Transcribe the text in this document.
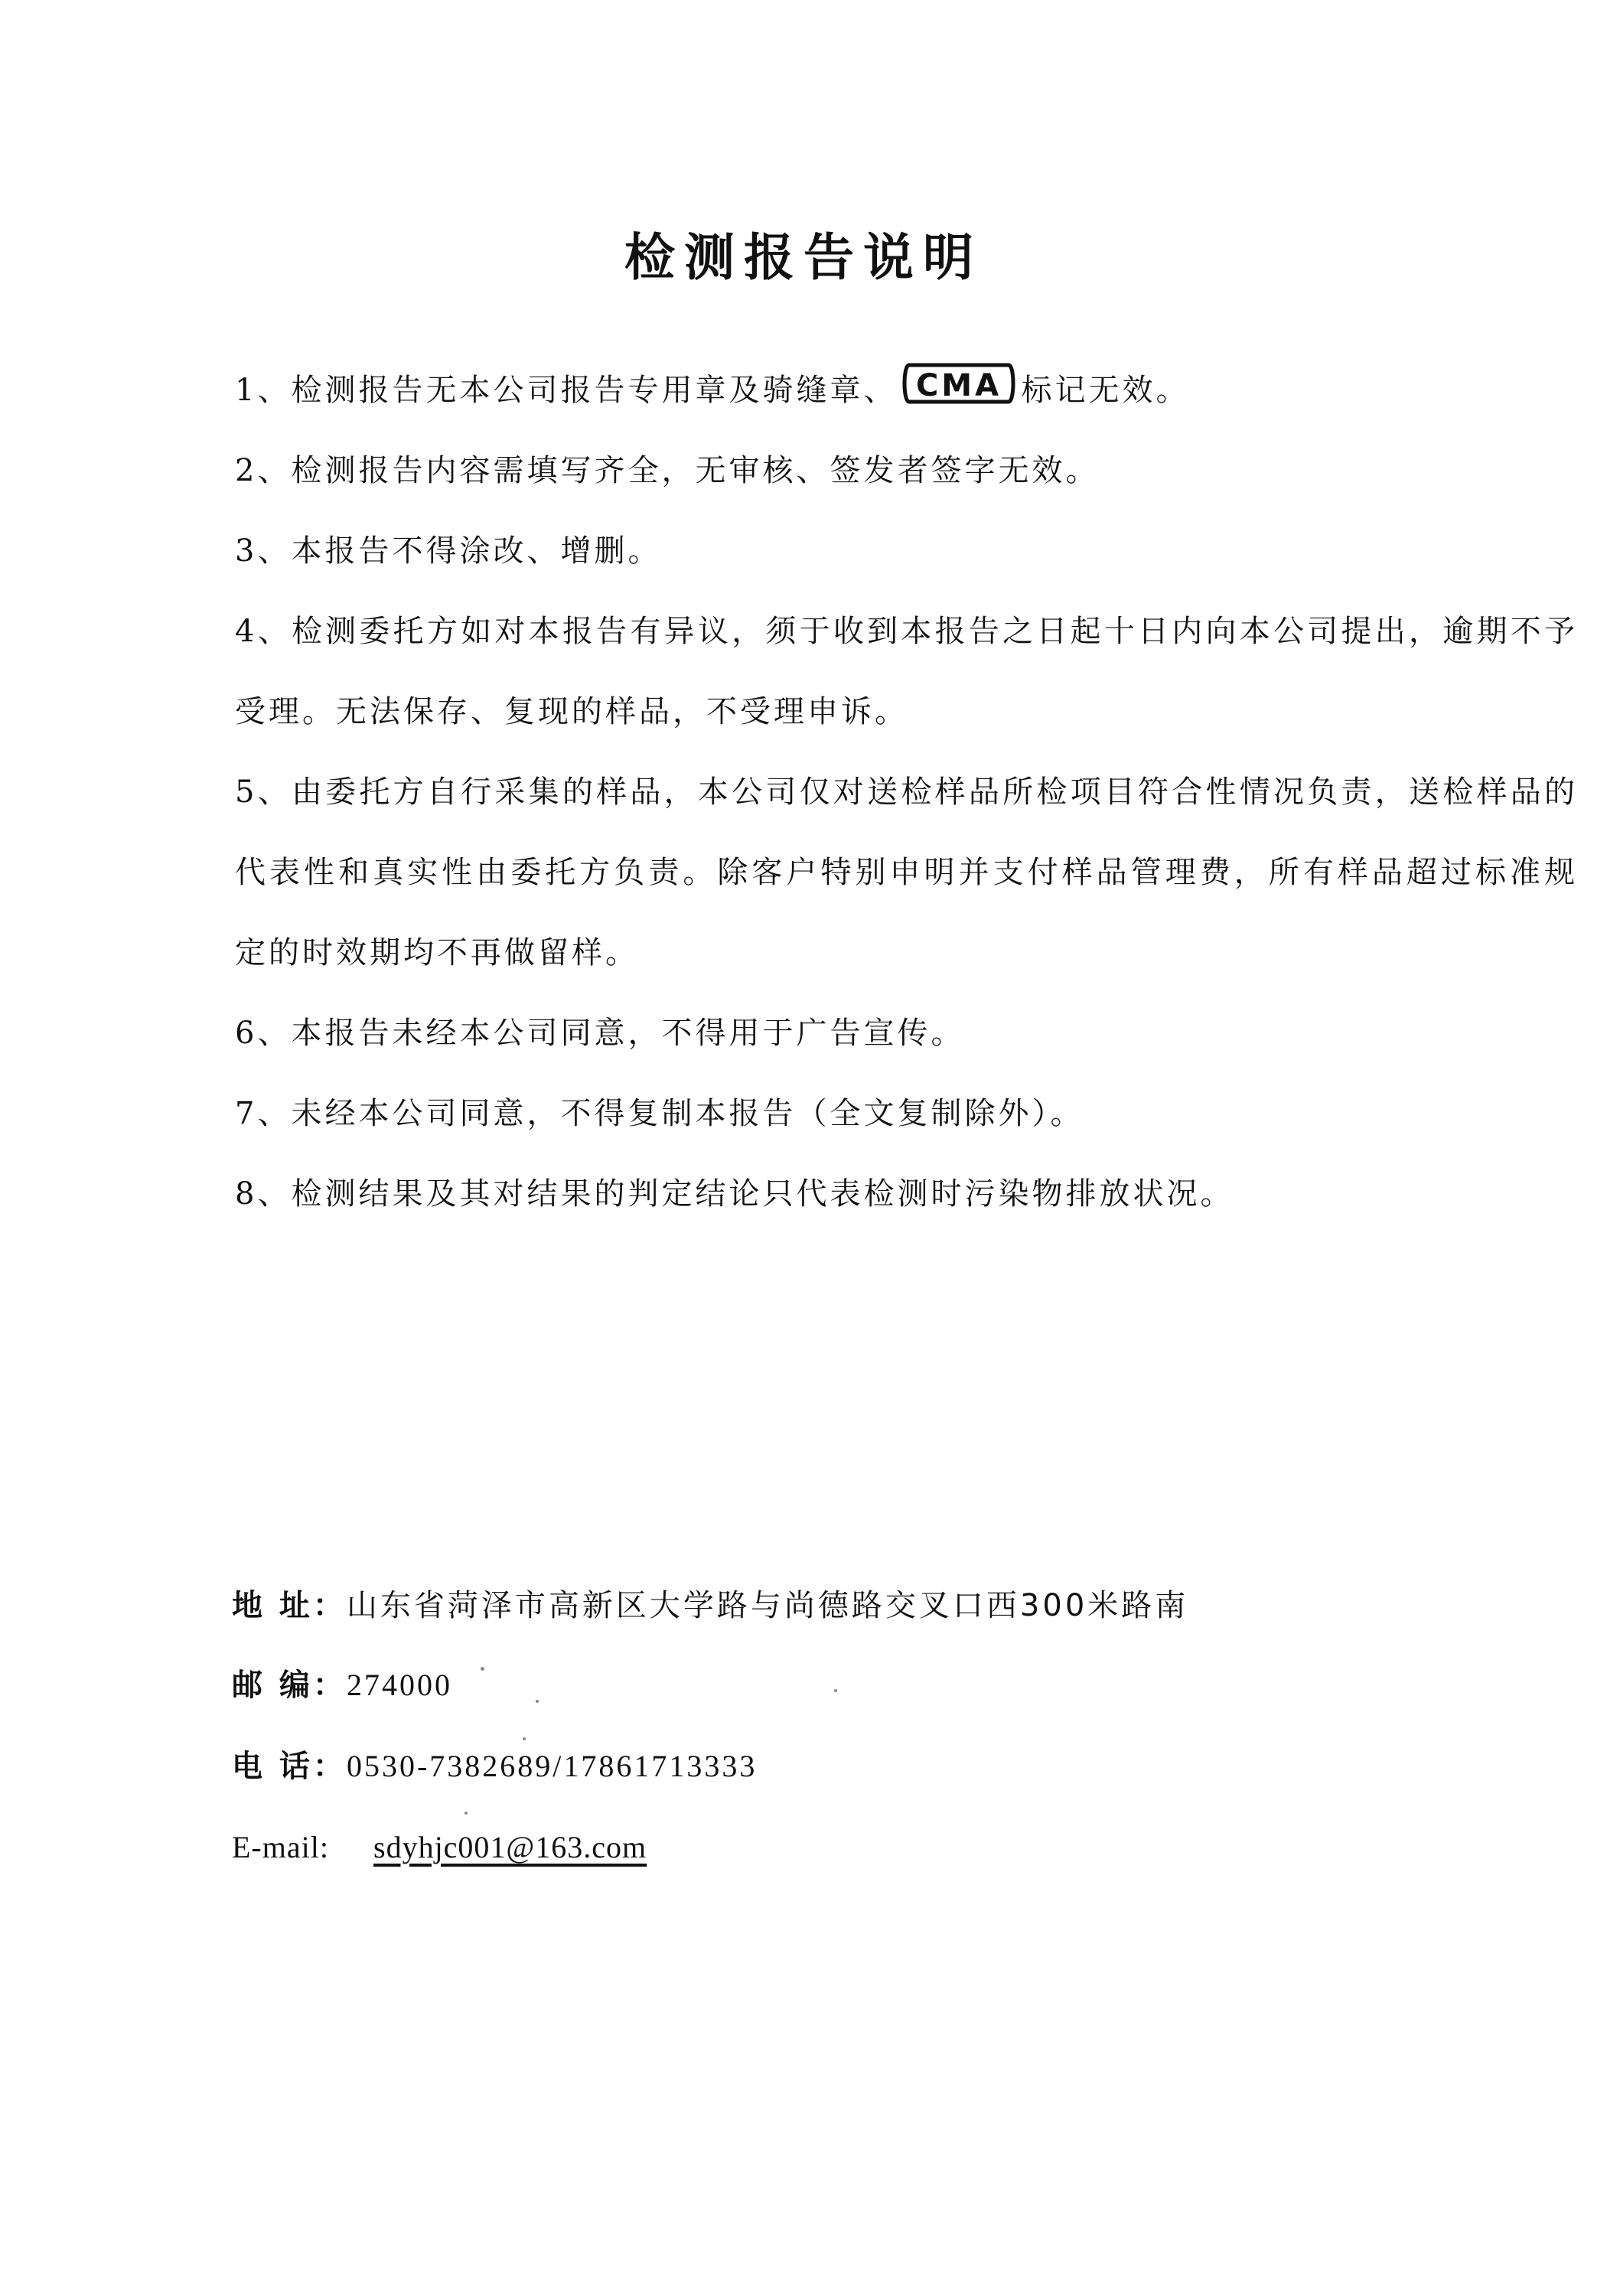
检测报告说明

1、检测报告无本公司报告专用章及骑缝章、 CMA 标记无效。

2、检测报告内容需填写齐全，无审核、签发者签字无效。

3、本报告不得涂改、增删。

4、检测委托方如对本报告有异议，须于收到本报告之日起十日内向本公司提出，逾期不予受理。无法保存、复现的样品，不受理申诉。

5、由委托方自行采集的样品，本公司仅对送检样品所检项目符合性情况负责，送检样品的代表性和真实性由委托方负责。除客户特别申明并支付样品管理费，所有样品超过标准规定的时效期均不再做留样。

6、本报告未经本公司同意，不得用于广告宣传。

7、未经本公司同意，不得复制本报告（全文复制除外）。

8、检测结果及其对结果的判定结论只代表检测时污染物排放状况。

地 址：山东省菏泽市高新区大学路与尚德路交叉口西300米路南

邮 编：274000

电 话：0530-7382689/17861713333

E-mail: sdyhjc001@163.com
